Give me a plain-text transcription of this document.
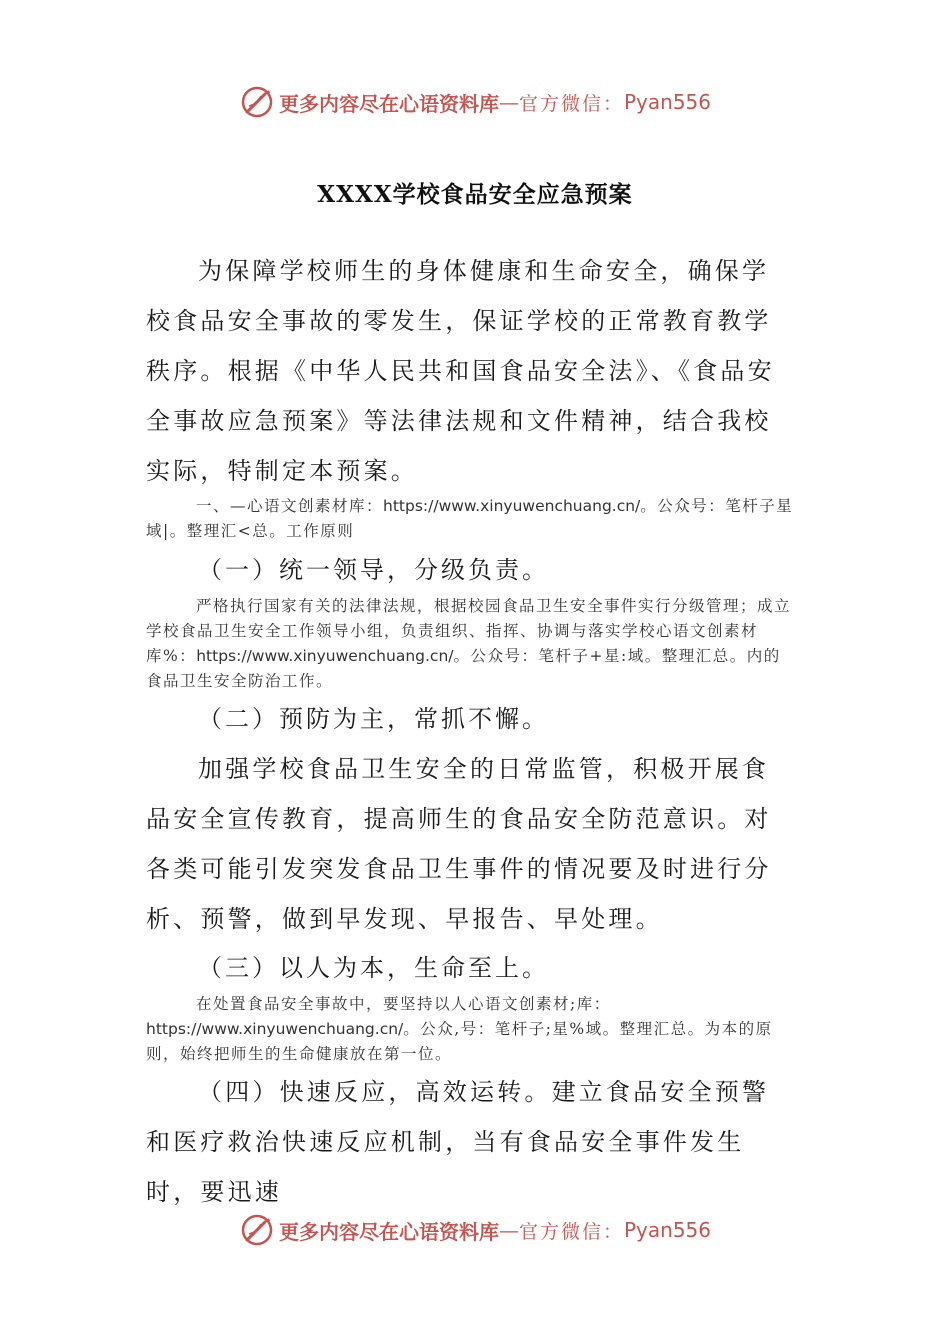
更多内容尽在心语资料库 — 官方微信： Pyan556
XXXX学校食品安全应急预案

为保障学校师生的身体健康和生命安全，确保学校食品安全事故的零发生，保证学校的正常教育教学秩序。根据《中华人民共和国食品安全法》、《食品安全事故应急预案》等法律法规和文件精神，结合我校实际，特制定本预案。

一、—心语文创素材库：https://www.xinyuwenchuang.cn/。公众号：笔杆子星域|。整理汇<总。工作原则

（一）统一领导，分级负责。

严格执行国家有关的法律法规，根据校园食品卫生安全事件实行分级管理；成立学校食品卫生安全工作领导小组，负责组织、指挥、协调与落实学校心语文创素材库%：https://www.xinyuwenchuang.cn/。公众号：笔杆子+星:域。整理汇总。内的食品卫生安全防治工作。

（二）预防为主，常抓不懈。

加强学校食品卫生安全的日常监管，积极开展食品安全宣传教育，提高师生的食品安全防范意识。对各类可能引发突发食品卫生事件的情况要及时进行分析、预警，做到早发现、早报告、早处理。

（三）以人为本，生命至上。

在处置食品安全事故中，要坚持以人心语文创素材;库：https://www.xinyuwenchuang.cn/。公众,号：笔杆子;星%域。整理汇总。为本的原则，始终把师生的生命健康放在第一位。

（四）快速反应，高效运转。建立食品安全预警和医疗救治快速反应机制，当有食品安全事件发生时，要迅速

更多内容尽在心语资料库 — 官方微信： Pyan556
